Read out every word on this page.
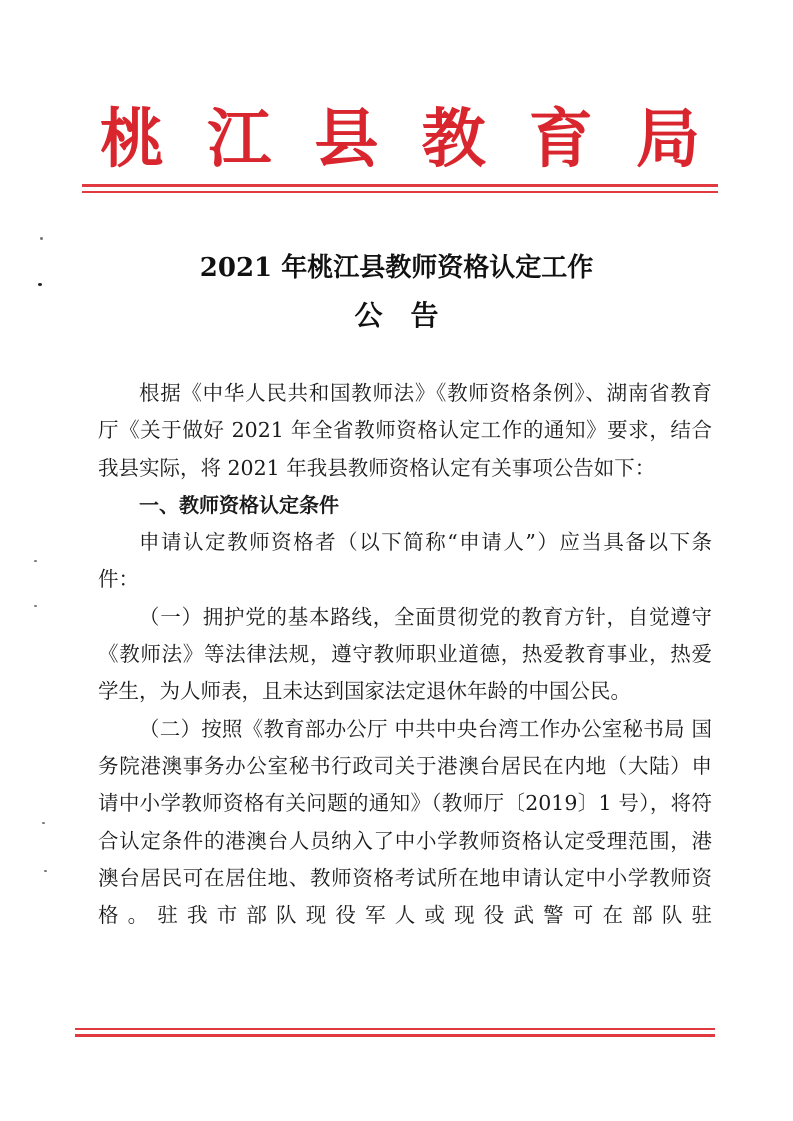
桃 江 县 教 育 局
2021 年桃江县教师资格认定工作
公告

根据《中华人民共和国教师法》《教师资格条例》、湖南省教育厅《关于做好 2021 年全省教师资格认定工作的通知》要求，结合我县实际，将 2021 年我县教师资格认定有关事项公告如下：

一、教师资格认定条件

申请认定教师资格者（以下简称“申请人”）应当具备以下条件：

（一）拥护党的基本路线，全面贯彻党的教育方针，自觉遵守《教师法》等法律法规，遵守教师职业道德，热爱教育事业，热爱学生，为人师表，且未达到国家法定退休年龄的中国公民。

（二）按照《教育部办公厅 中共中央台湾工作办公室秘书局 国务院港澳事务办公室秘书行政司关于港澳台居民在内地（大陆）申请中小学教师资格有关问题的通知》（教师厅〔2019〕1 号），将符合认定条件的港澳台人员纳入了中小学教师资格认定受理范围，港澳台居民可在居住地、教师资格考试所在地申请认定中小学教师资格。驻我市部队现役军人或现役武警可在部队驻
